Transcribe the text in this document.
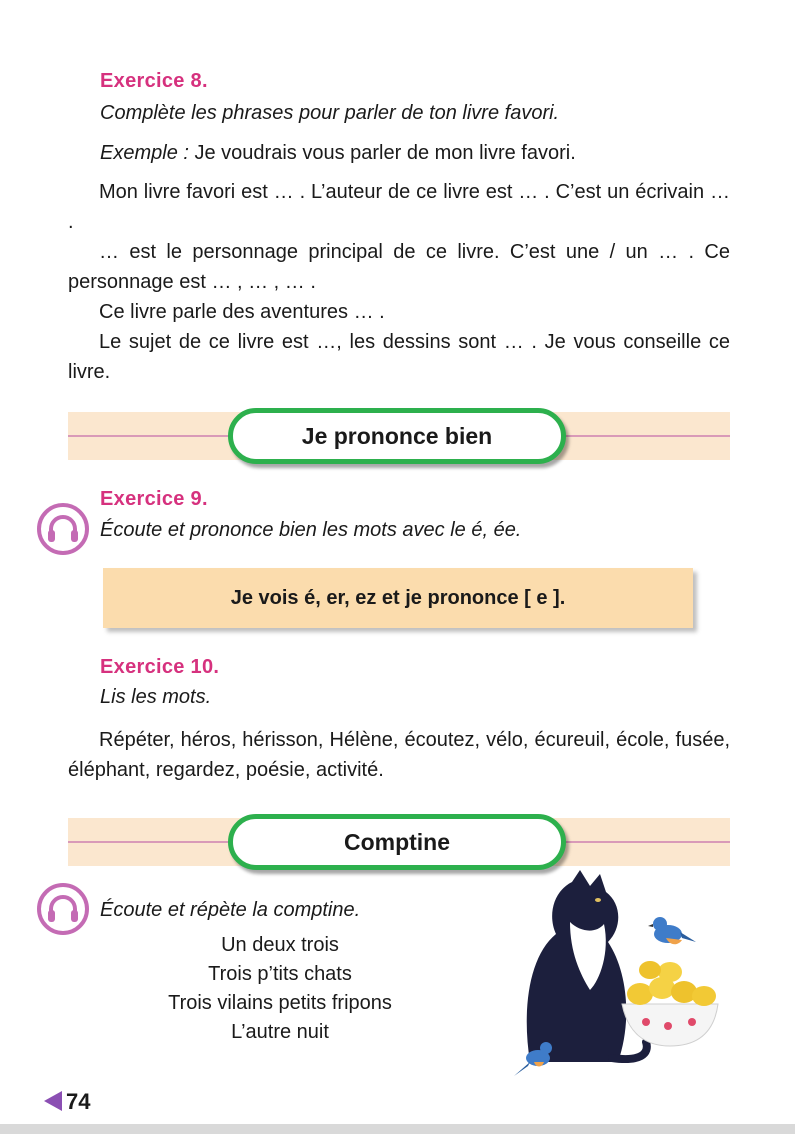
Exercice 8.
Complète les phrases pour parler de ton livre favori.
Exemple : Je voudrais vous parler de mon livre favori.
Mon livre favori est … . L’auteur de ce livre est … . C’est un écrivain … .
… est le personnage principal de ce livre. C’est une / un … . Ce personnage est … , … , … .
Ce livre parle des aventures … .
Le sujet de ce livre est …, les dessins sont … . Je vous conseille ce livre.
Je prononce bien
Exercice 9.
Écoute et prononce bien les mots avec le é, ée.
Je vois é, er, ez et je prononce [ e ].
Exercice 10.
Lis les mots.
Répéter, héros, hérisson, Hélène, écoutez, vélo, écureuil, école, fusée, éléphant, regardez, poésie, activité.
Comptine
Écoute et répète la comptine.
Un deux trois
Trois p’tits chats
Trois vilains petits fripons
L’autre nuit
74
